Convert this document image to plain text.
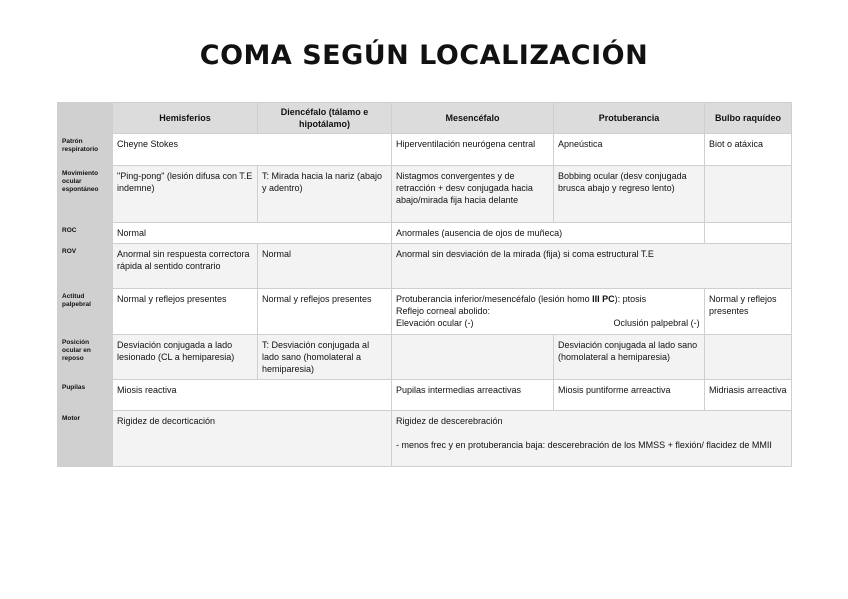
COMA SEGÚN LOCALIZACIÓN
	Hemisferios	Diencéfalo (tálamo e hipotálamo)	Mesencéfalo	Protuberancia	Bulbo raquídeo
Patrón respiratorio	Cheyne Stokes		Hiperventilación neurógena central	Apneústica	Biot o atáxica
Movimiento ocular espontáneo	"Ping-pong" (lesión difusa con T.E indemne)	T: Mirada hacia la nariz (abajo y adentro)	Nistagmos convergentes y de retracción + desv conjugada hacia abajo/mirada fija hacia delante	Bobbing ocular (desv conjugada brusca abajo y regreso lento)	
ROC	Normal		Anormales (ausencia de ojos de muñeca)		
ROV	Anormal sin respuesta correctora rápida al sentido contrario	Normal	Anormal sin desviación de la mirada (fija) si coma estructural T.E		
Actitud palpebral	Normal y reflejos presentes	Normal y reflejos presentes	Protuberancia inferior/mesencéfalo (lesión homo III PC): ptosis
Reflejo corneal abolido:
Elevación ocular (-) Oclusión palpebral (-)		Normal y reflejos presentes
Posición ocular en reposo	Desviación conjugada a lado lesionado (CL a hemiparesia)	T: Desviación conjugada al lado sano (homolateral a hemiparesia)		Desviación conjugada al lado sano (homolateral a hemiparesia)	
Pupilas	Miosis reactiva		Pupilas intermedias arreactivas	Miosis puntiforme arreactiva	Midriasis arreactiva
Motor	Rigidez de decorticación		Rigidez de descerebración
- menos frec y en protuberancia baja: descerebración de los MMSS + flexión/ flacidez de MMII		
